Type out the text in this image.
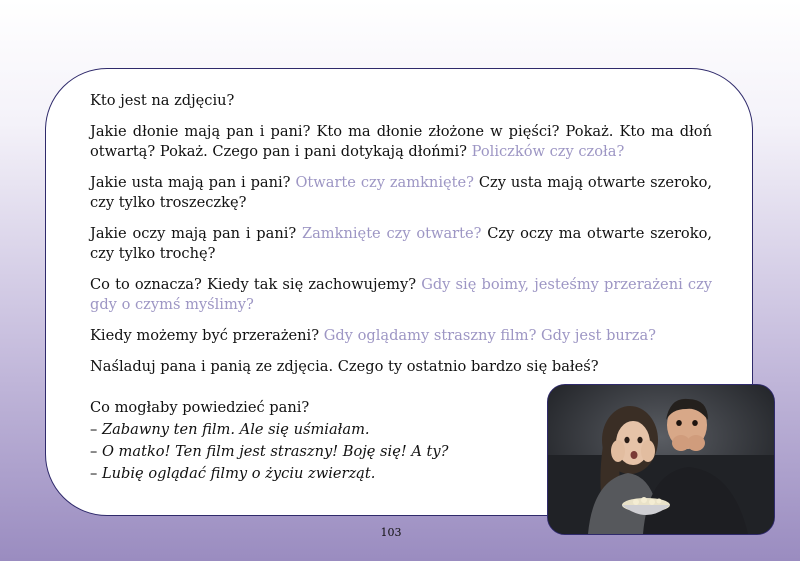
Kto jest na zdjęciu?

Jakie dłonie mają pan i pani? Kto ma dłonie złożone w pięści? Pokaż. Kto ma dłoń otwartą? Pokaż. Czego pan i pani dotykają dłońmi? Policzków czy czoła?

Jakie usta mają pan i pani? Otwarte czy zamknięte? Czy usta mają otwarte szeroko, czy tylko troszeczkę?

Jakie oczy mają pan i pani? Zamknięte czy otwarte? Czy oczy ma otwarte szeroko, czy tylko trochę?

Co to oznacza? Kiedy tak się zachowujemy? Gdy się boimy, jesteśmy przerażeni czy gdy o czymś myślimy?

Kiedy możemy być przerażeni? Gdy oglądamy straszny film? Gdy jest burza?

Naśladuj pana i panią ze zdjęcia. Czego ty ostatnio bardzo się bałeś?

Co mogłaby powiedzieć pani?

– Zabawny ten film. Ale się uśmiałam.

– O matko! Ten film jest straszny! Boję się! A ty?

– Lubię oglądać filmy o życiu zwierząt.

103
